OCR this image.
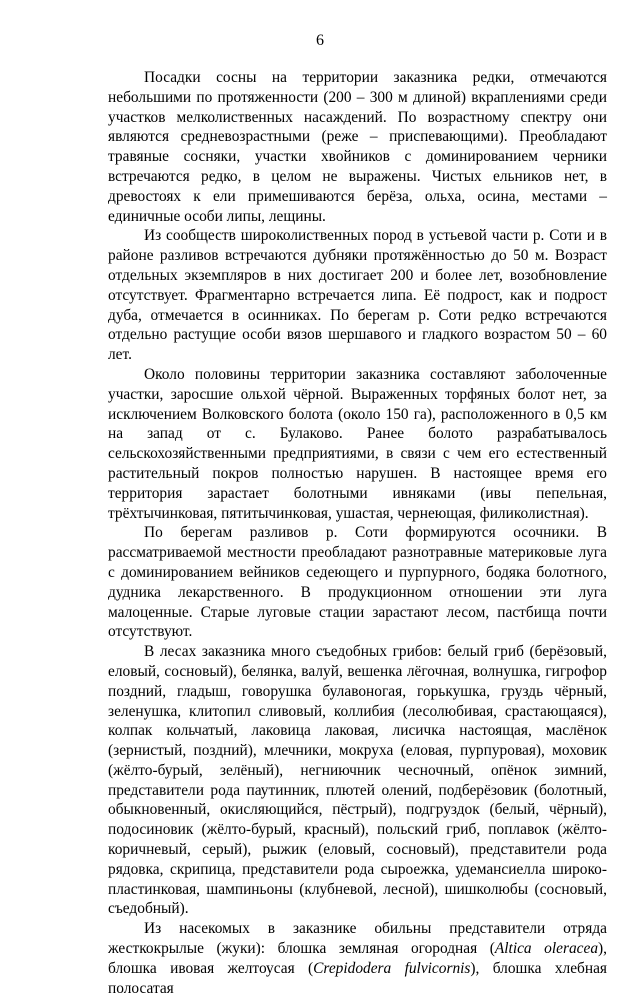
6

Посадки сосны на территории заказника редки, отмечаются небольшими по протяженности (200 – 300 м длиной) вкраплениями среди участков мелколиственных насаждений. По возрастному спектру они являются средневозрастными (реже – приспевающими). Преобладают травяные сосняки, участки хвойников с доминированием черники встречаются редко, в целом не выражены. Чистых ельников нет, в древостоях к ели примешиваются берёза, ольха, осина, местами – единичные особи липы, лещины.

Из сообществ широколиственных пород в устьевой части р. Соти и в районе разливов встречаются дубняки протяжённостью до 50 м. Возраст отдельных экземпляров в них достигает 200 и более лет, возобновление отсутствует. Фрагментарно встречается липа. Её подрост, как и подрост дуба, отмечается в осинниках. По берегам р. Соти редко встречаются отдельно растущие особи вязов шершавого и гладкого возрастом 50 – 60 лет.

Около половины территории заказника составляют заболоченные участки, заросшие ольхой чёрной. Выраженных торфяных болот нет, за исключением Волковского болота (около 150 га), расположенного в 0,5 км на запад от с. Булаково. Ранее болото разрабатывалось сельскохозяйственными предприятиями, в связи с чем его естественный растительный покров полностью нарушен. В настоящее время его территория зарастает болотными ивняками (ивы пепельная, трёхтычинковая, пятитычинковая, ушастая, чернеющая, филиколистная).

По берегам разливов р. Соти формируются осочники. В рассматриваемой местности преобладают разнотравные материковые луга с доминированием вейников седеющего и пурпурного, бодяка болотного, дудника лекарственного. В продукционном отношении эти луга малоценные. Старые луговые стации зарастают лесом, пастбища почти отсутствуют.

В лесах заказника много съедобных грибов: белый гриб (берёзовый, еловый, сосновый), белянка, валуй, вешенка лёгочная, волнушка, гигрофор поздний, гладыш, говорушка булавоногая, горькушка, груздь чёрный, зеленушка, клитопил сливовый, коллибия (лесолюбивая, срастающаяся), колпак кольчатый, лаковица лаковая, лисичка настоящая, маслёнок (зернистый, поздний), млечники, мокруха (еловая, пурпуровая), моховик (жёлто-бурый, зелёный), негниючник чесночный, опёнок зимний, представители рода паутинник, плютей олений, подберёзовик (болотный, обыкновенный, окисляющийся, пёстрый), подгруздок (белый, чёрный), подосиновик (жёлто-бурый, красный), польский гриб, поплавок (жёлто-коричневый, серый), рыжик (еловый, сосновый), представители рода рядовка, скрипица, представители рода сыроежка, удемансиелла широко-пластинковая, шампиньоны (клубневой, лесной), шишколюбы (сосновый, съедобный).

Из насекомых в заказнике обильны представители отряда жесткокрылые (жуки): блошка земляная огородная (Altica oleracea), блошка ивовая желтоусая (Crepidodera fulvicornis), блошка хлебная полосатая
